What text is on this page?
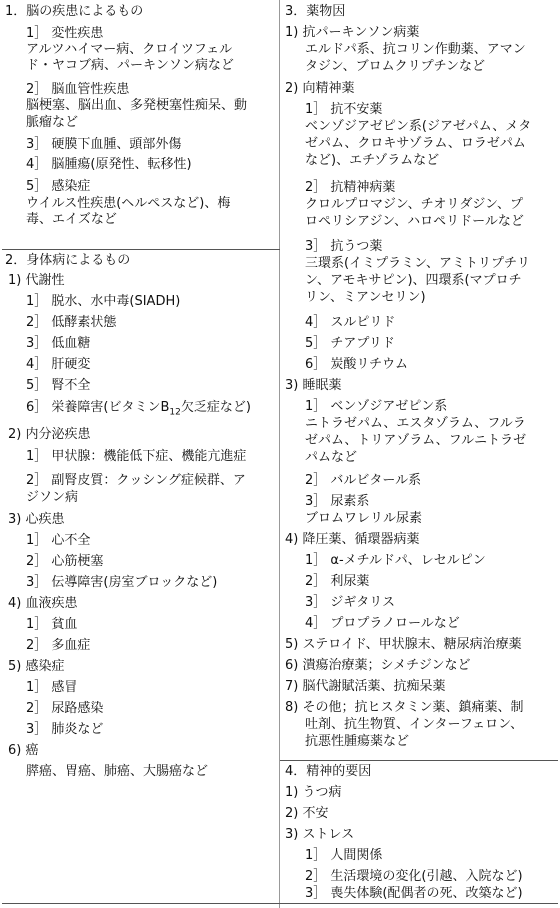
1．脳の疾患によるもの
1］ 変性疾患
アルツハイマー病、クロイツフェル
ド・ヤコブ病、パーキンソン病など
2］ 脳血管性疾患
脳梗塞、脳出血、多発梗塞性痴呆、動
脈瘤など
3］ 硬膜下血腫、頭部外傷
4］ 脳腫瘍(原発性、転移性)
5］ 感染症
ウイルス性疾患(ヘルペスなど)、梅
毒、エイズなど
2．身体病によるもの
1) 代謝性
1］ 脱水、水中毒(SIADH)
2］ 低酵素状態
3］ 低血糖
4］ 肝硬変
5］ 腎不全
6］ 栄養障害(ビタミン$B_{12}$欠乏症など)
2) 内分泌疾患
1］ 甲状腺：機能低下症、機能亢進症
2］ 副腎皮質：クッシング症候群、ア
ジソン病
3) 心疾患
1］ 心不全
2］ 心筋梗塞
3］ 伝導障害(房室ブロックなど)
4) 血液疾患
1］ 貧血
2］ 多血症
5) 感染症
1］ 感冒
2］ 尿路感染
3］ 肺炎など
6) 癌
膵癌、胃癌、肺癌、大腸癌など
3．薬物因
1) 抗パーキンソン病薬
エルドパ系、抗コリン作動薬、アマン
タジン、ブロムクリプチンなど
2) 向精神薬
1］ 抗不安薬
ベンゾジアゼピン系(ジアゼパム、メタ
ゼパム、クロキサゾラム、ロラゼパム
など)、エチゾラムなど
2］ 抗精神病薬
クロルプロマジン、チオリダジン、プ
ロペリシアジン、ハロペリドールなど
3］ 抗うつ薬
三環系(イミプラミン、アミトリプチリ
ン、アモキサピン)、四環系(マプロチ
リン、ミアンセリン)
4］ スルピリド
5］ チアプリド
6］ 炭酸リチウム
3) 睡眠薬
1］ ベンゾジアゼピン系
ニトラゼパム、エスタゾラム、フルラ
ゼパム、トリアゾラム、フルニトラゼ
パムなど
2］ バルビタール系
3］ 尿素系
ブロムワレリル尿素
4) 降圧薬、循環器病薬
1］ α-メチルドパ、レセルピン
2］ 利尿薬
3］ ジギタリス
4］ プロプラノロールなど
5) ステロイド、甲状腺末、糖尿病治療薬
6) 潰瘍治療薬；シメチジンなど
7) 脳代謝賦活薬、抗痴呆薬
8) その他；抗ヒスタミン薬、鎮痛薬、制
吐剤、抗生物質、インターフェロン、
抗悪性腫瘍薬など
4．精神的要因
1) うつ病
2) 不安
3) ストレス
1］ 人間関係
2］ 生活環境の変化(引越、入院など)
3］ 喪失体験(配偶者の死、改築など)
